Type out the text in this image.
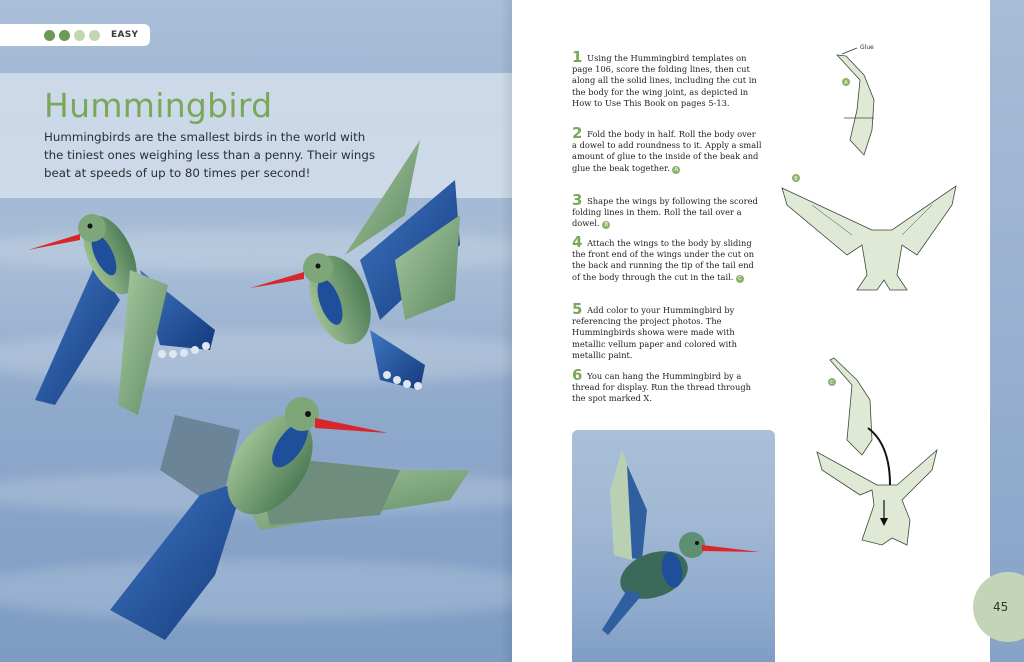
EASY
Hummingbird

Hummingbirds are the smallest birds in the world with the tiniest ones weighing less than a penny. Their wings beat at speeds of up to 80 times per second!

1 Using the Hummingbird templates on page 106, score the folding lines, then cut along all the solid lines, including the cut in the body for the wing joint, as depicted in How to Use This Book on pages 5-13.
2 Fold the body in half. Roll the body over a dowel to add roundness to it. Apply a small amount of glue to the inside of the beak and glue the beak together. A
3 Shape the wings by following the scored folding lines in them. Roll the tail over a dowel. B
4 Attach the wings to the body by sliding the front end of the wings under the cut on the back and running the tip of the tail end of the body through the cut in the tail. C
5 Add color to your Hummingbird by referencing the project photos. The Hummingbirds showa were made with metallic vellum paper and colored with metallic paint.
6 You can hang the Hummingbird by a thread for display. Run the thread through the spot marked X.
Glue
A
B
C
45
